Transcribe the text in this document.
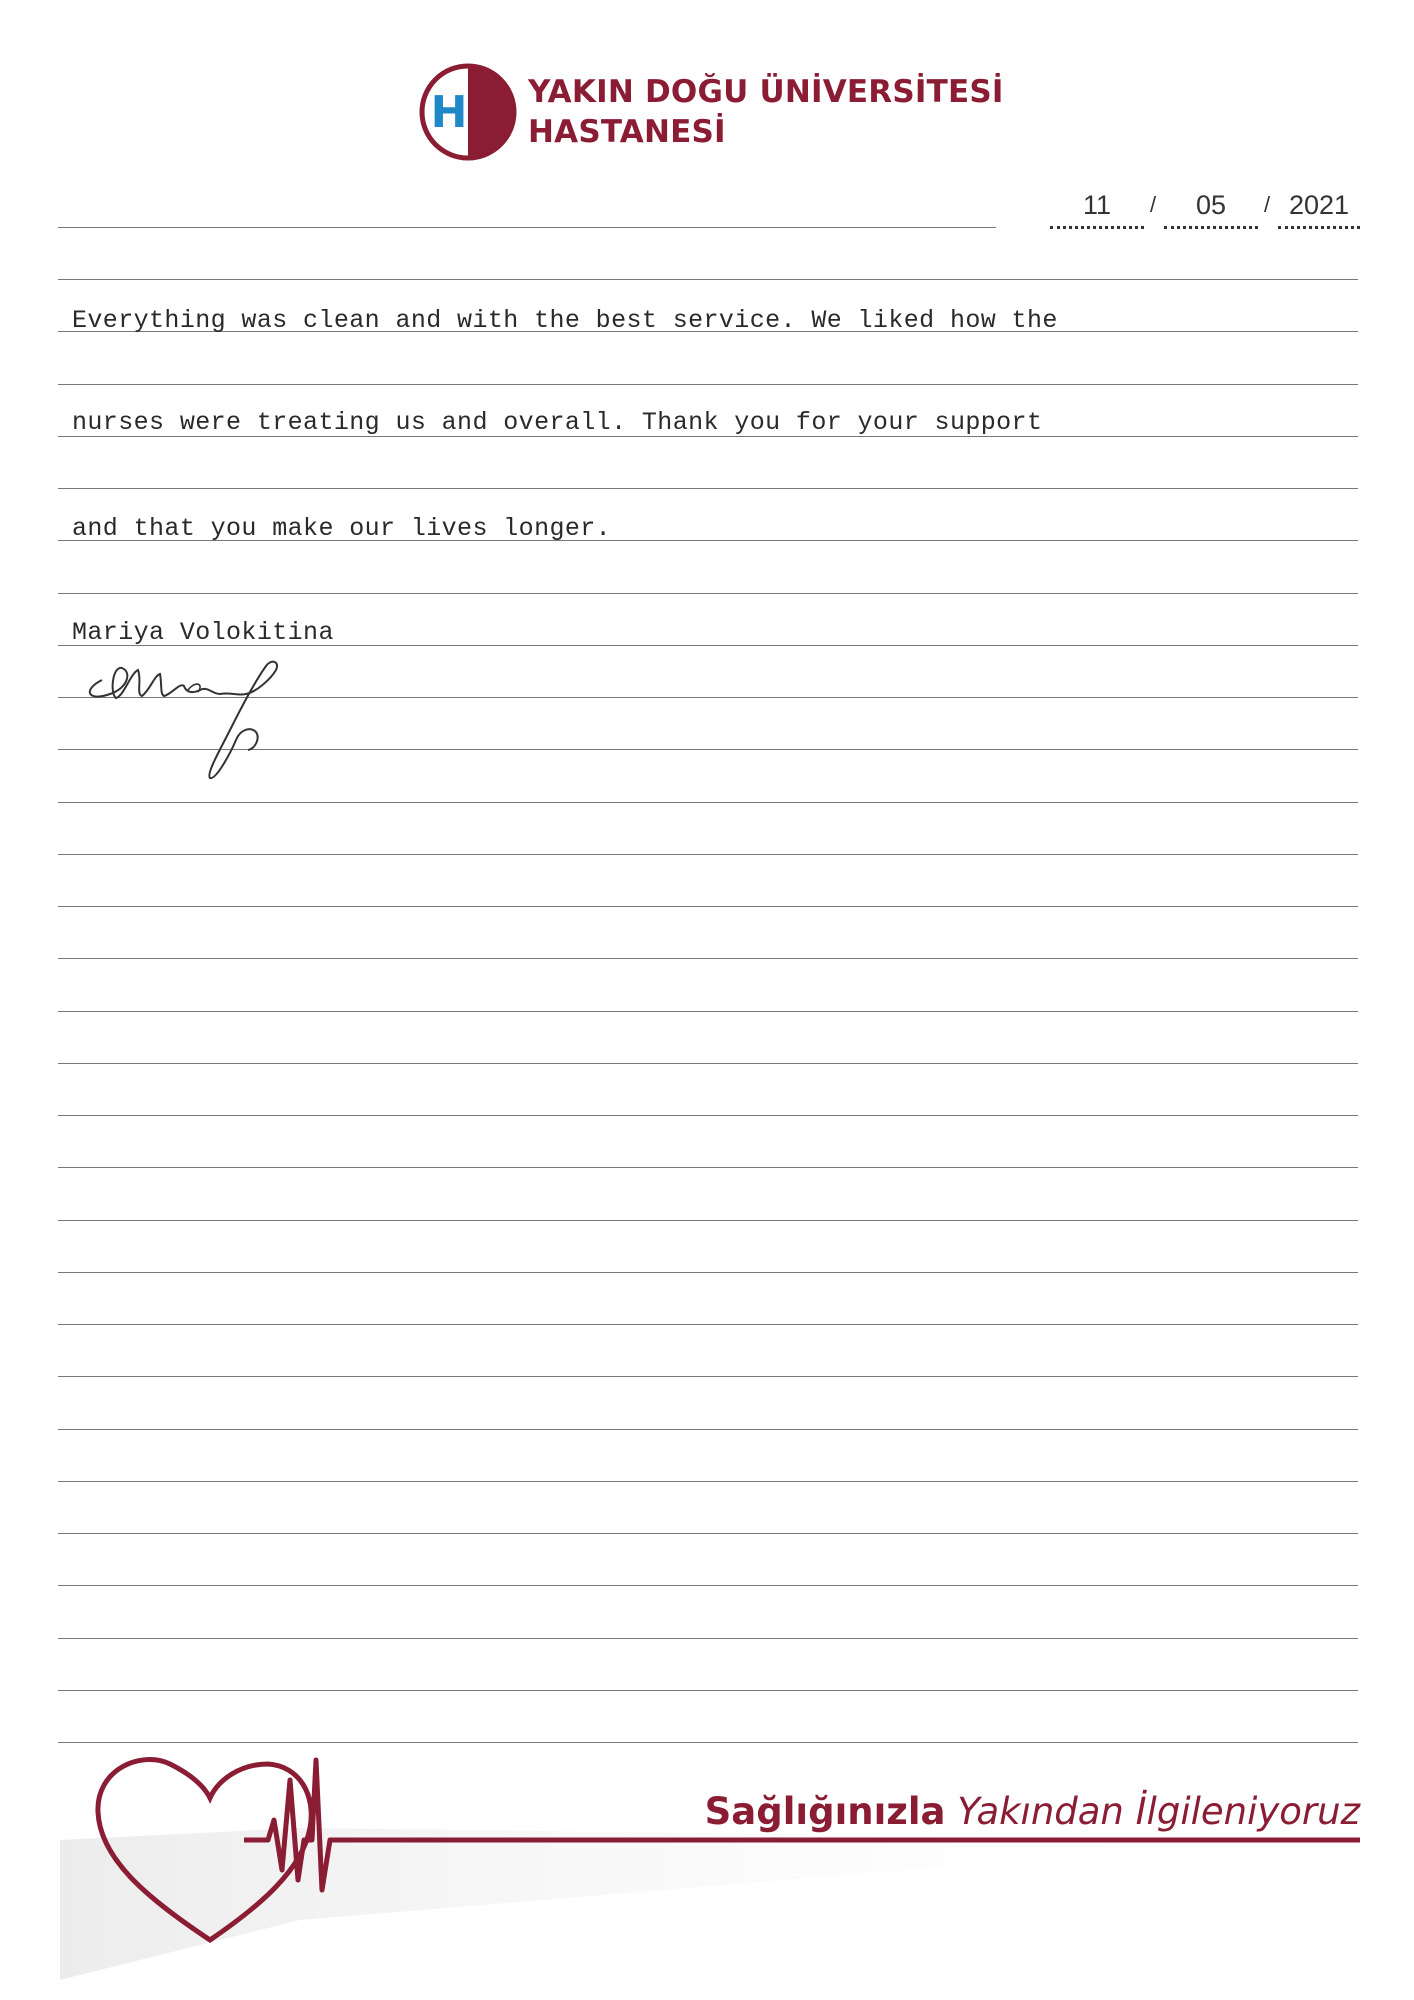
H YAKIN DOĞU ÜNİVERSİTESİ
HASTANESİ
11	/	05	/ 2021
Everything was clean and with the best service. We liked how the
nurses were treating us and overall. Thank you for your support
and that you make our lives longer.
Mariya Volokitina
Sağlığınızla Yakından İlgileniyoruz
